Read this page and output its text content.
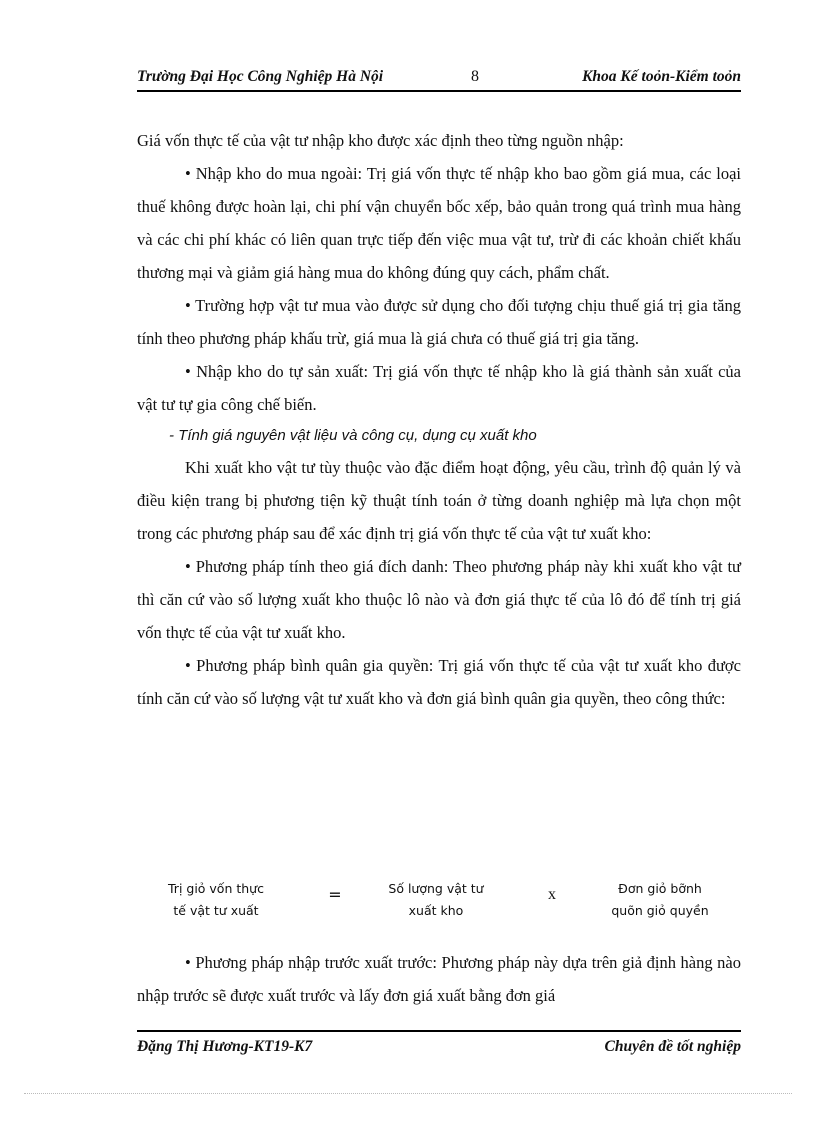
Trường Đại Học Công Nghiệp Hà Nội	8	Khoa Kế toỏn-Kiểm toỏn

Giá vốn thực tế của vật tư nhập kho được xác định theo từng nguồn nhập:

• Nhập kho do mua ngoài: Trị giá vốn thực tế nhập kho bao gồm giá mua, các loại thuế không được hoàn lại, chi phí vận chuyển bốc xếp, bảo quản trong quá trình mua hàng và các chi phí khác có liên quan trực tiếp đến việc mua vật tư, trừ đi các khoản chiết khấu thương mại và giảm giá hàng mua do không đúng quy cách, phẩm chất.

• Trường hợp vật tư mua vào được sử dụng cho đối tượng chịu thuế giá trị gia tăng tính theo phương pháp khấu trừ, giá mua là giá chưa có thuế giá trị gia tăng.

• Nhập kho do tự sản xuất: Trị giá vốn thực tế nhập kho là giá thành sản xuất của vật tư tự gia công chế biến.

- Tính giá nguyên vật liệu và công cụ, dụng cụ xuất kho

Khi xuất kho vật tư tùy thuộc vào đặc điểm hoạt động, yêu cầu, trình độ quản lý và điều kiện trang bị phương tiện kỹ thuật tính toán ở từng doanh nghiệp mà lựa chọn một trong các phương pháp sau để xác định trị giá vốn thực tế của vật tư xuất kho:

• Phương pháp tính theo giá đích danh: Theo phương pháp này khi xuất kho vật tư thì căn cứ vào số lượng xuất kho thuộc lô nào và đơn giá thực tế của lô đó để tính trị giá vốn thực tế của vật tư xuất kho.

• Phương pháp bình quân gia quyền: Trị giá vốn thực tế của vật tư xuất kho được tính căn cứ vào số lượng vật tư xuất kho và đơn giá bình quân gia quyền, theo công thức:

Trị giỏ vốn thực
tế vật tư xuất
=	Số lượng vật tư
xuất kho
x	Đơn giỏ bỡnh
quõn giỏ quyền

• Phương pháp nhập trước xuất trước: Phương pháp này dựa trên giả định hàng nào nhập trước sẽ được xuất trước và lấy đơn giá xuất bằng đơn giá

Đặng Thị Hương-KT19-K7	Chuyên đề tốt nghiệp
